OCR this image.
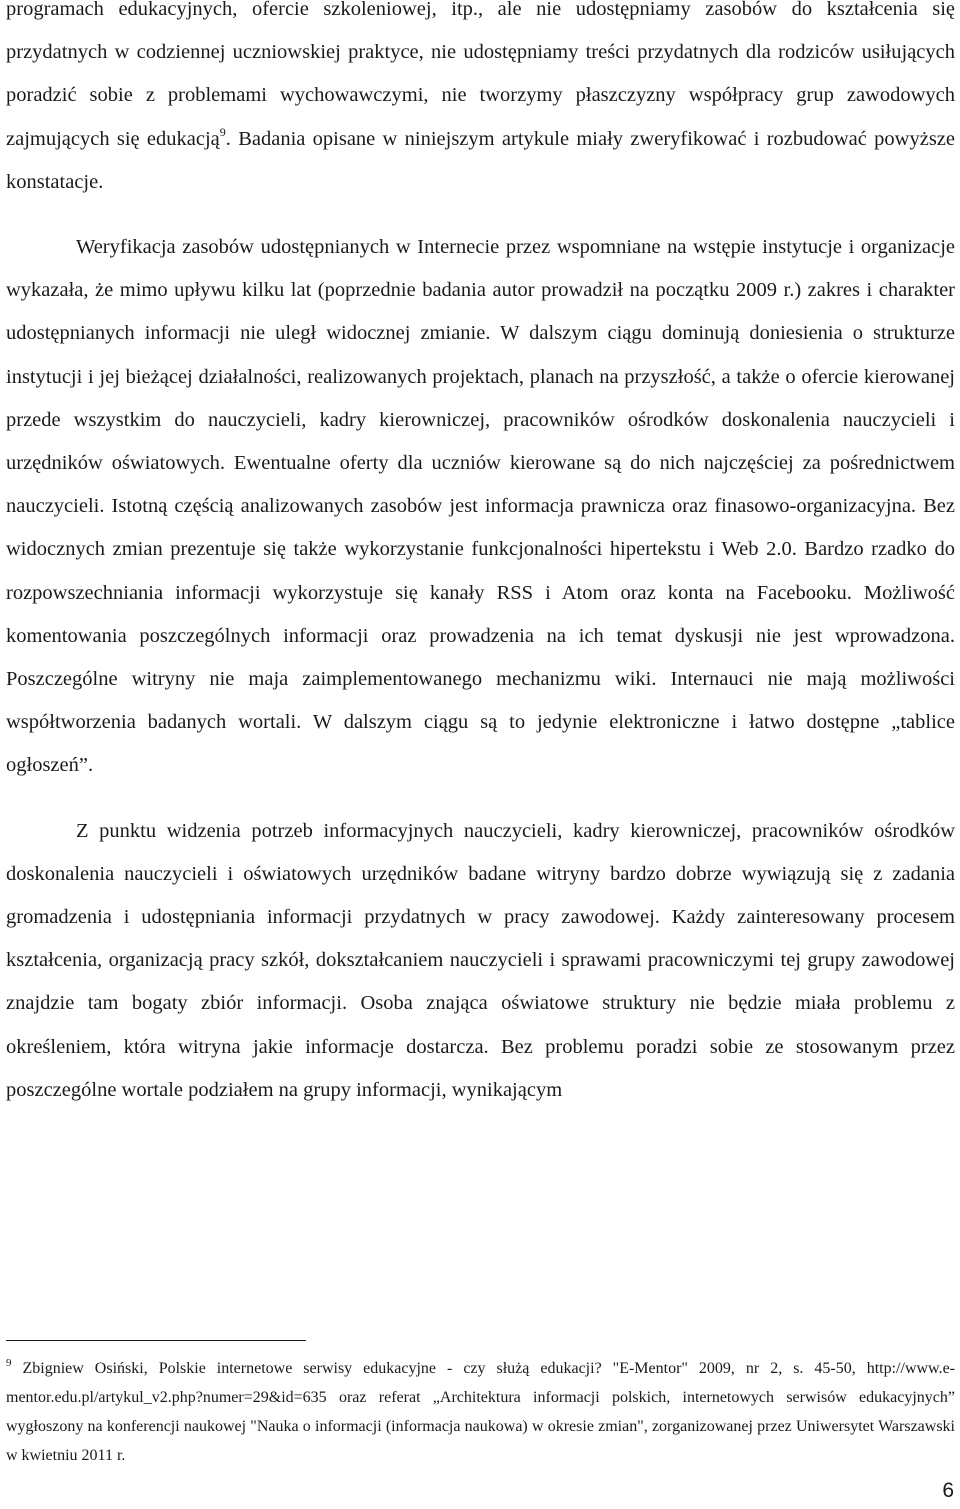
programach edukacyjnych, ofercie szkoleniowej, itp., ale nie udostępniamy zasobów do kształcenia się przydatnych w codziennej uczniowskiej praktyce, nie udostępniamy treści przydatnych dla rodziców usiłujących poradzić sobie z problemami wychowawczymi, nie tworzymy płaszczyzny współpracy grup zawodowych zajmujących się edukacją$^9$. Badania opisane w niniejszym artykule miały zweryfikować i rozbudować powyższe konstatacje.

Weryfikacja zasobów udostępnianych w Internecie przez wspomniane na wstępie instytucje i organizacje wykazała, że mimo upływu kilku lat (poprzednie badania autor prowadził na początku 2009 r.) zakres i charakter udostępnianych informacji nie uległ widocznej zmianie. W dalszym ciągu dominują doniesienia o strukturze instytucji i jej bieżącej działalności, realizowanych projektach, planach na przyszłość, a także o ofercie kierowanej przede wszystkim do nauczycieli, kadry kierowniczej, pracowników ośrodków doskonalenia nauczycieli i urzędników oświatowych. Ewentualne oferty dla uczniów kierowane są do nich najczęściej za pośrednictwem nauczycieli. Istotną częścią analizowanych zasobów jest informacja prawnicza oraz finasowo-organizacyjna. Bez widocznych zmian prezentuje się także wykorzystanie funkcjonalności hipertekstu i Web 2.0. Bardzo rzadko do rozpowszechniania informacji wykorzystuje się kanały RSS i Atom oraz konta na Facebooku. Możliwość komentowania poszczególnych informacji oraz prowadzenia na ich temat dyskusji nie jest wprowadzona. Poszczególne witryny nie maja zaimplementowanego mechanizmu wiki. Internauci nie mają możliwości współtworzenia badanych wortali. W dalszym ciągu są to jedynie elektroniczne i łatwo dostępne „tablice ogłoszeń”.

Z punktu widzenia potrzeb informacyjnych nauczycieli, kadry kierowniczej, pracowników ośrodków doskonalenia nauczycieli i oświatowych urzędników badane witryny bardzo dobrze wywiązują się z zadania gromadzenia i udostępniania informacji przydatnych w pracy zawodowej. Każdy zainteresowany procesem kształcenia, organizacją pracy szkół, dokształcaniem nauczycieli i sprawami pracowniczymi tej grupy zawodowej znajdzie tam bogaty zbiór informacji. Osoba znająca oświatowe struktury nie będzie miała problemu z określeniem, która witryna jakie informacje dostarcza. Bez problemu poradzi sobie ze stosowanym przez poszczególne wortale podziałem na grupy informacji, wynikającym

$^9$ Zbigniew Osiński, Polskie internetowe serwisy edukacyjne - czy służą edukacji? "E-Mentor" 2009, nr 2, s. 45-50, http://www.e-mentor.edu.pl/artykul_v2.php?numer=29&id=635 oraz referat „Architektura informacji polskich, internetowych serwisów edukacyjnych” wygłoszony na konferencji naukowej "Nauka o informacji (informacja naukowa) w okresie zmian", zorganizowanej przez Uniwersytet Warszawski w kwietniu 2011 r.

6
